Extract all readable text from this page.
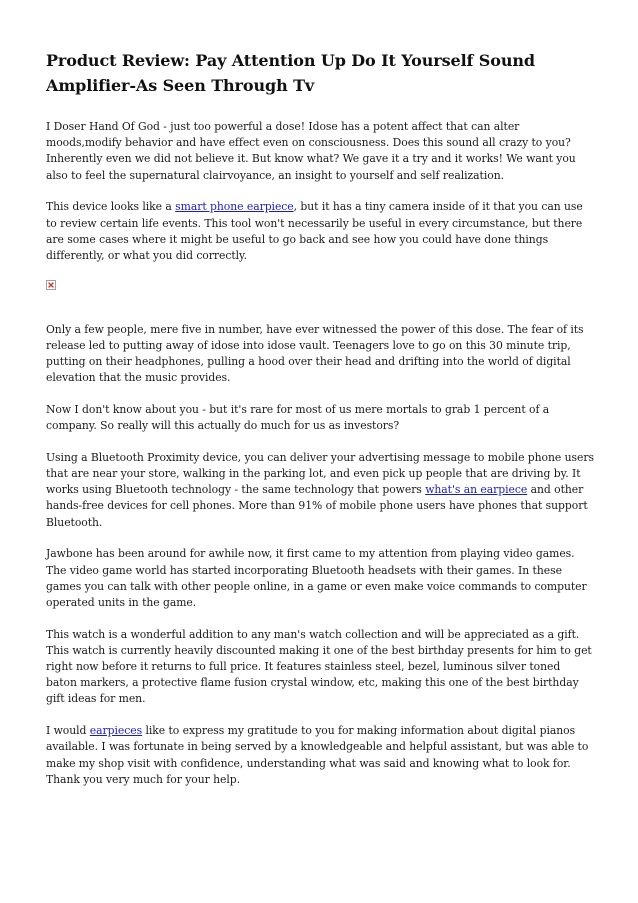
Product Review: Pay Attention Up Do It Yourself Sound Amplifier-As Seen Through Tv

I Doser Hand Of God - just too powerful a dose! Idose has a potent affect that can alter moods,modify behavior and have effect even on consciousness. Does this sound all crazy to you? Inherently even we did not believe it. But know what? We gave it a try and it works! We want you also to feel the supernatural clairvoyance, an insight to yourself and self realization.

This device looks like a smart phone earpiece, but it has a tiny camera inside of it that you can use to review certain life events. This tool won't necessarily be useful in every circumstance, but there are some cases where it might be useful to go back and see how you could have done things differently, or what you did correctly.

Only a few people, mere five in number, have ever witnessed the power of this dose. The fear of its release led to putting away of idose into idose vault. Teenagers love to go on this 30 minute trip, putting on their headphones, pulling a hood over their head and drifting into the world of digital elevation that the music provides.

Now I don't know about you - but it's rare for most of us mere mortals to grab 1 percent of a company. So really will this actually do much for us as investors?

Using a Bluetooth Proximity device, you can deliver your advertising message to mobile phone users that are near your store, walking in the parking lot, and even pick up people that are driving by. It works using Bluetooth technology - the same technology that powers what's an earpiece and other hands-free devices for cell phones. More than 91% of mobile phone users have phones that support Bluetooth.

Jawbone has been around for awhile now, it first came to my attention from playing video games. The video game world has started incorporating Bluetooth headsets with their games. In these games you can talk with other people online, in a game or even make voice commands to computer operated units in the game.

This watch is a wonderful addition to any man's watch collection and will be appreciated as a gift. This watch is currently heavily discounted making it one of the best birthday presents for him to get right now before it returns to full price. It features stainless steel, bezel, luminous silver toned baton markers, a protective flame fusion crystal window, etc, making this one of the best birthday gift ideas for men.

I would earpieces like to express my gratitude to you for making information about digital pianos available. I was fortunate in being served by a knowledgeable and helpful assistant, but was able to make my shop visit with confidence, understanding what was said and knowing what to look for. Thank you very much for your help.
